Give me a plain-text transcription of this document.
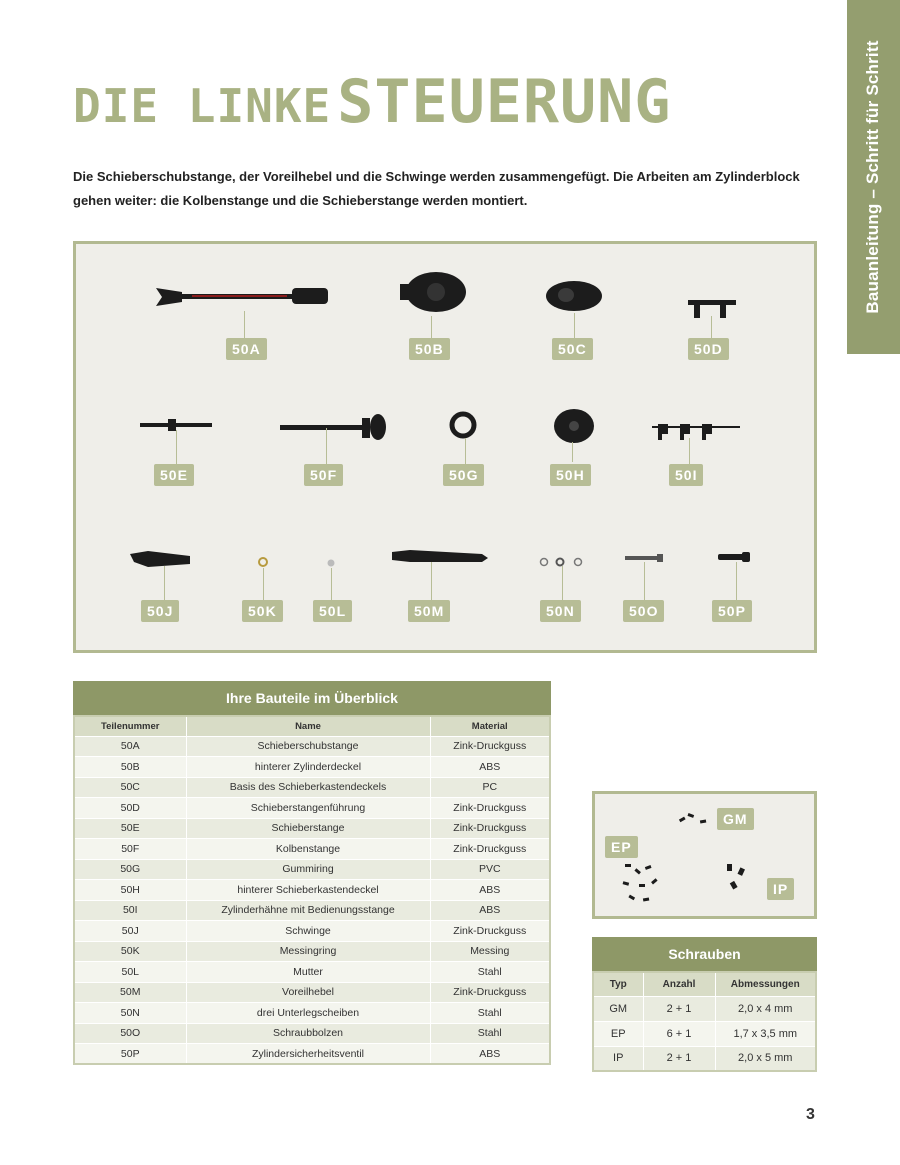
Bauanleitung – Schritt für Schritt
DIE LINKE STEUERUNG

Die Schieberschubstange, der Voreilhebel und die Schwinge werden zusammengefügt. Die Arbeiten am Zylinderblock gehen weiter: die Kolbenstange und die Schieberstange werden montiert.

50A	50B	50C	50D
50E	50F	50G	50H	50I
50J	50K	50L	50M	50N	50O	50P
Ihre Bauteile im Überblick
Teilenummer	Name	Material
50A	Schieberschubstange	Zink-Druckguss
50B	hinterer Zylinderdeckel	ABS
50C	Basis des Schieberkastendeckels	PC
50D	Schieberstangenführung	Zink-Druckguss
50E	Schieberstange	Zink-Druckguss
50F	Kolbenstange	Zink-Druckguss
50G	Gummiring	PVC
50H	hinterer Schieberkastendeckel	ABS
50I	Zylinderhähne mit Bedienungsstange	ABS
50J	Schwinge	Zink-Druckguss
50K	Messingring	Messing
50L	Mutter	Stahl
50M	Voreilhebel	Zink-Druckguss
50N	drei Unterlegscheiben	Stahl
50O	Schraubbolzen	Stahl
50P	Zylindersicherheitsventil	ABS
GM
EP
IP
Schrauben
Typ	Anzahl	Abmessungen
GM	2 + 1	2,0 x 4 mm
EP	6 + 1	1,7 x 3,5 mm
IP	2 + 1	2,0 x 5 mm
3
